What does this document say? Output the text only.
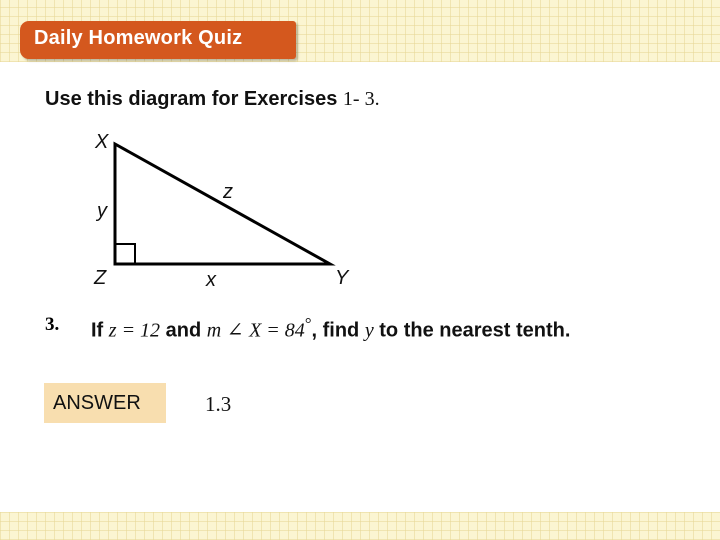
Daily Homework Quiz
Use this diagram for Exercises 1- 3.
X
Y
Z
z
y
x
3. If z = 12 and m ∠ X = 84°, find y to the nearest tenth.
ANSWER	1.3
